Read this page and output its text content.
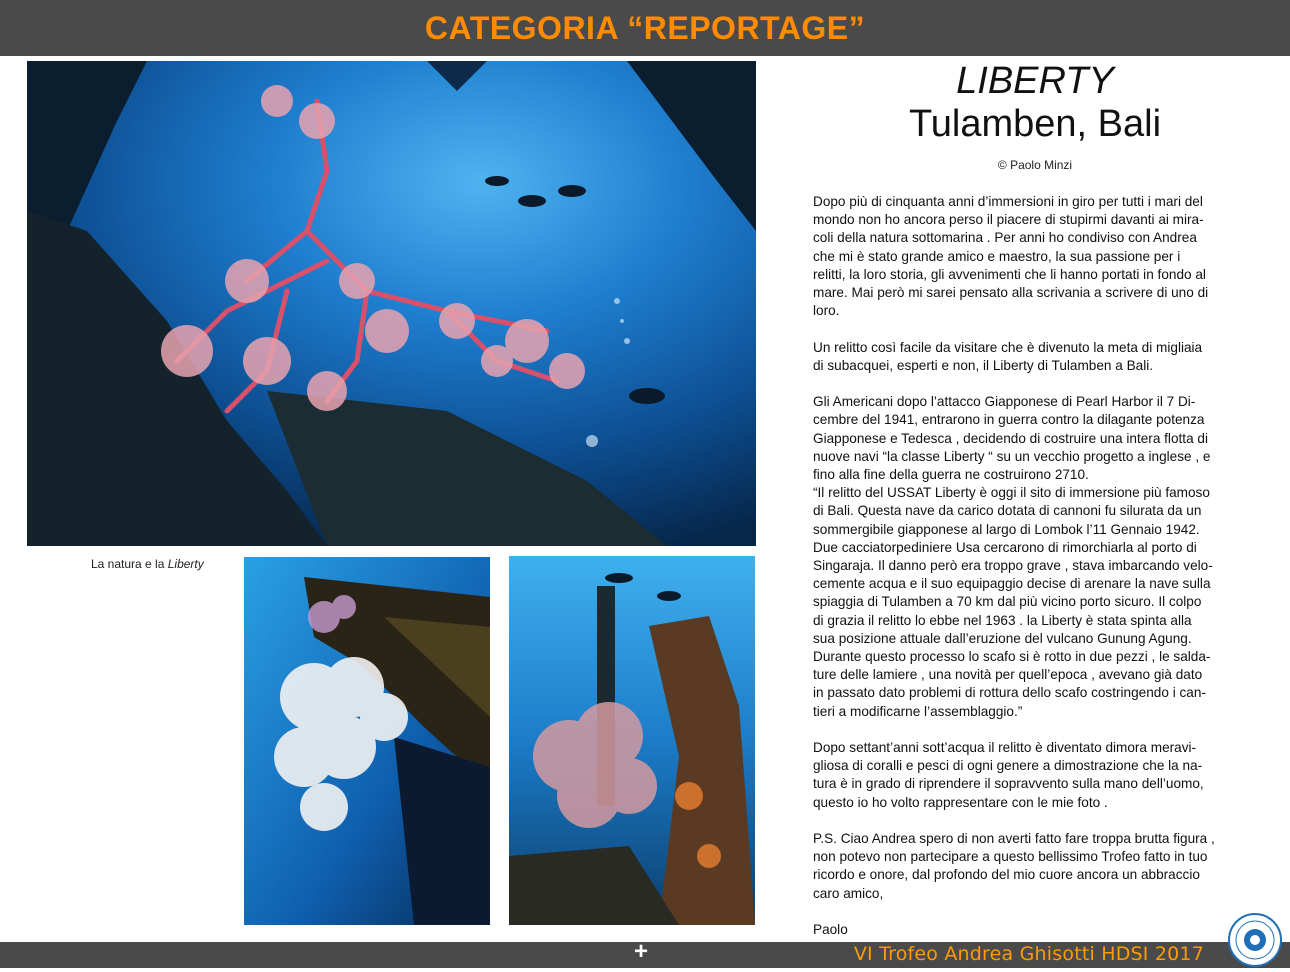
CATEGORIA “REPORTAGE”
La natura e la Liberty
LIBERTY
Tulamben, Bali
© Paolo Minzi

Dopo più di cinquanta anni d’immersioni in giro per tutti i mari del
mondo non ho ancora perso il piacere di stupirmi davanti ai mira-
coli della natura sottomarina . Per anni ho condiviso con Andrea
che mi è stato grande amico e maestro, la sua passione per i
relitti, la loro storia, gli avvenimenti che li hanno portati in fondo al
mare. Mai però mi sarei pensato alla scrivania a scrivere di uno di
loro.

Un relitto così facile da visitare che è divenuto la meta di migliaia
di subacquei, esperti e non, il Liberty di Tulamben a Bali.

Gli Americani dopo l’attacco Giapponese di Pearl Harbor il 7 Di-
cembre del 1941, entrarono in guerra contro la dilagante potenza
Giapponese e Tedesca , decidendo di costruire una intera flotta di
nuove navi “la classe Liberty “ su un vecchio progetto a inglese , e
fino alla fine della guerra ne costruirono 2710.

“Il relitto del USSAT Liberty è oggi il sito di immersione più famoso
di Bali. Questa nave da carico dotata di cannoni fu silurata da un
sommergibile giapponese al largo di Lombok l’11 Gennaio 1942.
Due cacciatorpediniere Usa cercarono di rimorchiarla al porto di
Singaraja. Il danno però era troppo grave , stava imbarcando velo-
cemente acqua e il suo equipaggio decise di arenare la nave sulla
spiaggia di Tulamben a 70 km dal più vicino porto sicuro. Il colpo
di grazia il relitto lo ebbe nel 1963 . la Liberty è stata spinta alla
sua posizione attuale dall’eruzione del vulcano Gunung Agung.
Durante questo processo lo scafo si è rotto in due pezzi , le salda-
ture delle lamiere , una novità per quell’epoca , avevano già dato
in passato dato problemi di rottura dello scafo costringendo i can-
tieri a modificarne l’assemblaggio.”

Dopo settant’anni sott’acqua il relitto è diventato dimora meravi-
gliosa di coralli e pesci di ogni genere a dimostrazione che la na-
tura è in grado di riprendere il sopravvento sulla mano dell’uomo,
questo io ho volto rappresentare con le mie foto .

P.S. Ciao Andrea spero di non averti fatto fare troppa brutta figura ,
non potevo non partecipare a questo bellissimo Trofeo fatto in tuo
ricordo e onore, dal profondo del mio cuore ancora un abbraccio
caro amico,

Paolo

+	VI Trofeo Andrea Ghisotti HDSI 2017
